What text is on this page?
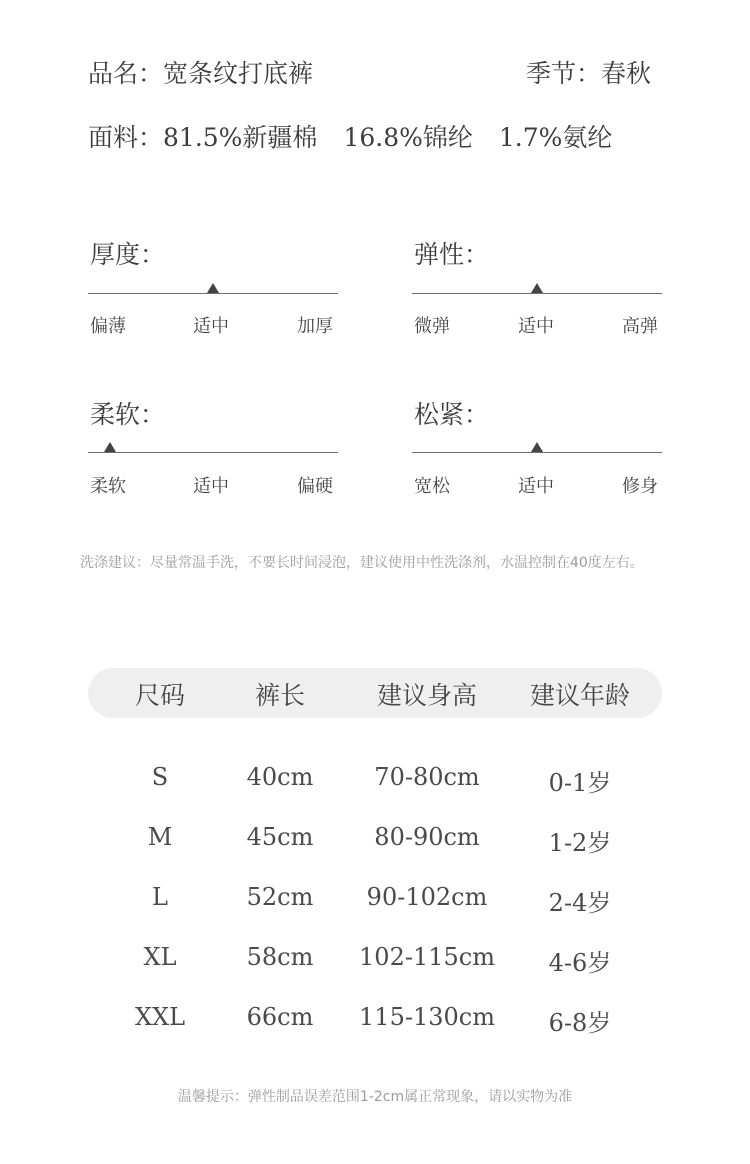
品名：宽条纹打底裤	季节：春秋
面料：81.5%新疆棉 16.8%锦纶 1.7%氨纶
厚度：
偏薄	适中	加厚
弹性：
微弹	适中	高弹
柔软：
柔软	适中	偏硬
松紧：
宽松	适中	修身
洗涤建议：尽量常温手洗，不要长时间浸泡，建议使用中性洗涤剂，水温控制在40度左右。
尺码	裤长	建议身高	建议年龄
S	40cm	70-80cm	0-1岁
M	45cm	80-90cm	1-2岁
L	52cm	90-102cm	2-4岁
XL	58cm	102-115cm	4-6岁
XXL	66cm	115-130cm	6-8岁
温馨提示：弹性制品误差范围1-2cm属正常现象，请以实物为准
